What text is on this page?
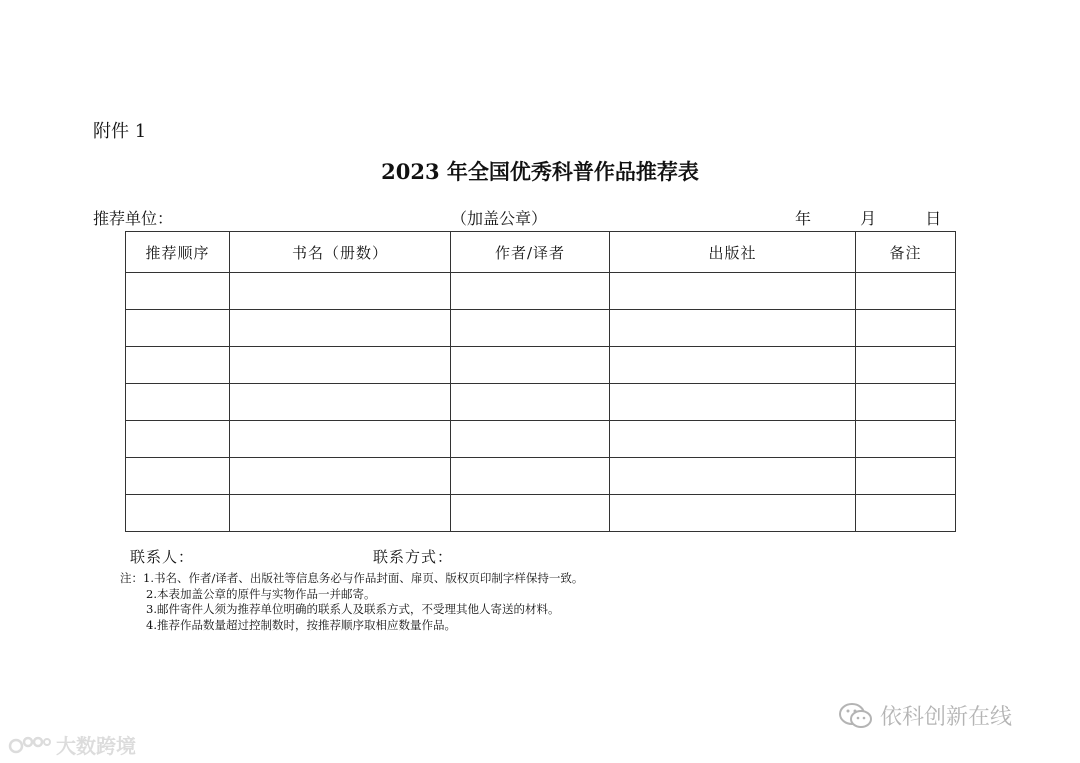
附件 1
2023 年全国优秀科普作品推荐表
推荐单位：	（加盖公章）	年	月	日
推荐顺序	书名（册数）	作者/译者	出版社	备注

联系人：	联系方式：
注：1.书名、作者/译者、出版社等信息务必与作品封面、扉页、版权页印制字样保持一致。
2.本表加盖公章的原件与实物作品一并邮寄。
3.邮件寄件人须为推荐单位明确的联系人及联系方式，不受理其他人寄送的材料。
4.推荐作品数量超过控制数时，按推荐顺序取相应数量作品。
大数跨境
依科创新在线
